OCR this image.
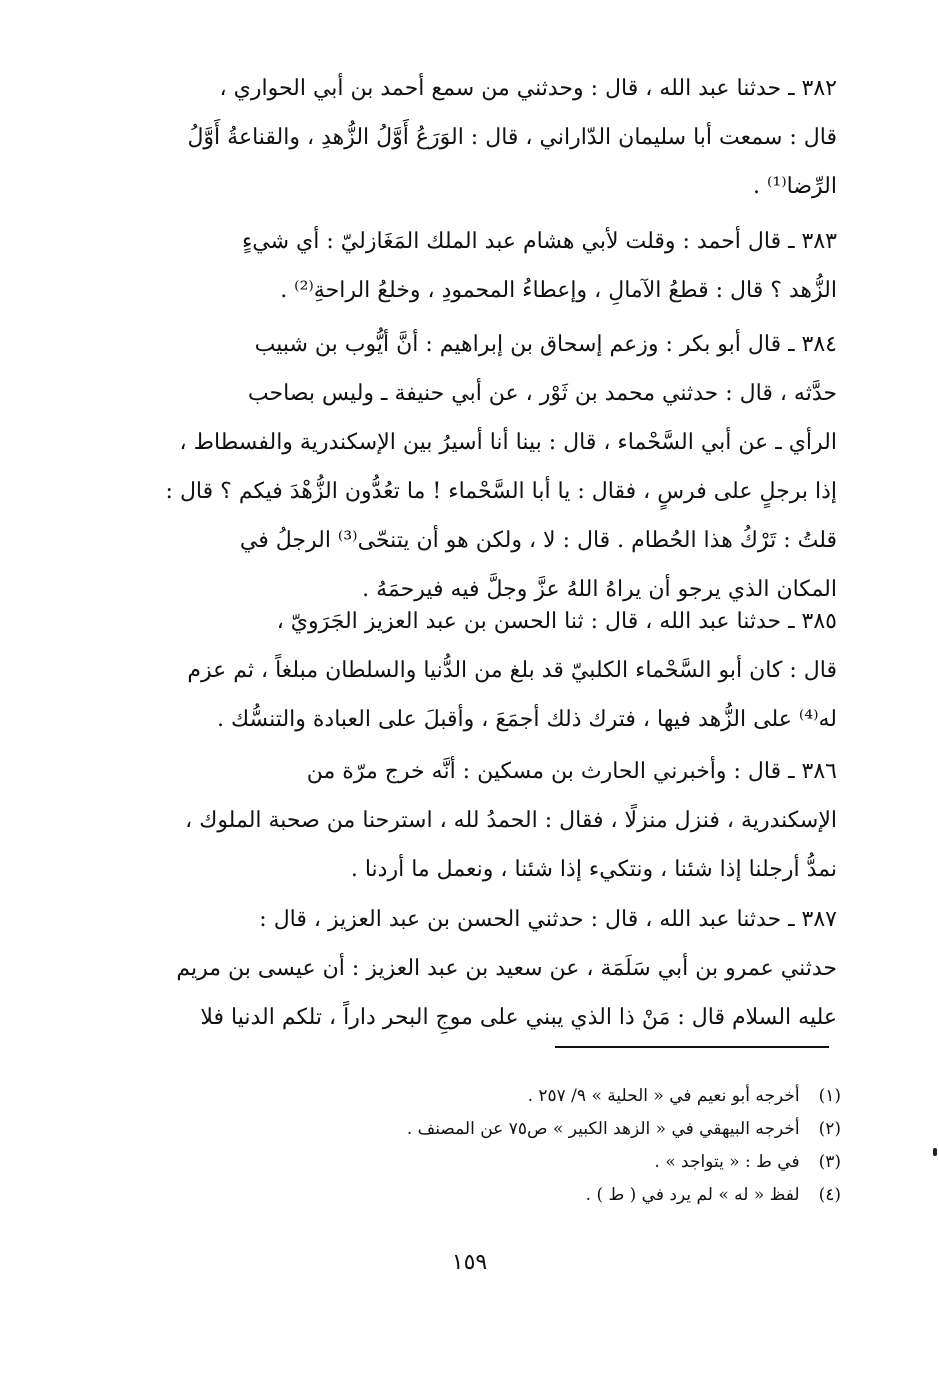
٣٨٢ ـ حدثنا عبد الله ، قال : وحدثني من سمع أحمد بن أبي الحواري ،
قال : سمعت أبا سليمان الدّاراني ، قال : الوَرَعُ أَوَّلُ الزُّهدِ ، والقناعةُ أَوَّلُ
الرِّضا⁽¹⁾ .
٣٨٣ ـ قال أحمد : وقلت لأبي هشام عبد الملك المَغَازليّ : أي شيءٍ
الزُّهد ؟ قال : قطعُ الآمالِ ، وإعطاءُ المحمودِ ، وخلعُ الراحةِ⁽²⁾ .
٣٨٤ ـ قال أبو بكر : وزعم إسحاق بن إبراهيم : أنَّ أيُّوب بن شبيب
حدَّثه ، قال : حدثني محمد بن ثَوْر ، عن أبي حنيفة ـ وليس بصاحب
الرأي ـ عن أبي السَّحْماء ، قال : بينا أنا أسيرُ بين الإسكندرية والفسطاط ،
إذا برجلٍ على فرسٍ ، فقال : يا أبا السَّحْماء ! ما تعُدُّون الزُّهْدَ فيكم ؟ قال :
قلتُ : تَرْكُ هذا الحُطام . قال : لا ، ولكن هو أن يتنحّى⁽³⁾ الرجلُ في
المكان الذي يرجو أن يراهُ اللهُ عزَّ وجلَّ فيه فيرحمَهُ .
٣٨٥ ـ حدثنا عبد الله ، قال : ثنا الحسن بن عبد العزيز الجَرَويّ ،
قال : كان أبو السَّحْماء الكلبيّ قد بلغ من الدُّنيا والسلطان مبلغاً ، ثم عزم
له⁽⁴⁾ على الزُّهد فيها ، فترك ذلك أجمَعَ ، وأقبلَ على العبادة والتنسُّك .
٣٨٦ ـ قال : وأخبرني الحارث بن مسكين : أنَّه خرج مرّة من
الإسكندرية ، فنزل منزلًا ، فقال : الحمدُ لله ، استرحنا من صحبة الملوك ،
نمدُّ أرجلنا إذا شئنا ، ونتكيء إذا شئنا ، ونعمل ما أردنا .
٣٨٧ ـ حدثنا عبد الله ، قال : حدثني الحسن بن عبد العزيز ، قال :
حدثني عمرو بن أبي سَلَمَة ، عن سعيد بن عبد العزيز : أن عيسى بن مريم
عليه السلام قال : مَنْ ذا الذي يبني على موجِ البحر داراً ، تلكم الدنيا فلا
(١) أخرجه أبو نعيم في « الحلية » ٩/ ٢٥٧ .
(٢) أخرجه البيهقي في « الزهد الكبير » ص٧٥ عن المصنف .
(٣) في ط : « يتواجد » .
(٤) لفظ « له » لم يرد في ( ط ) .
١٥٩
